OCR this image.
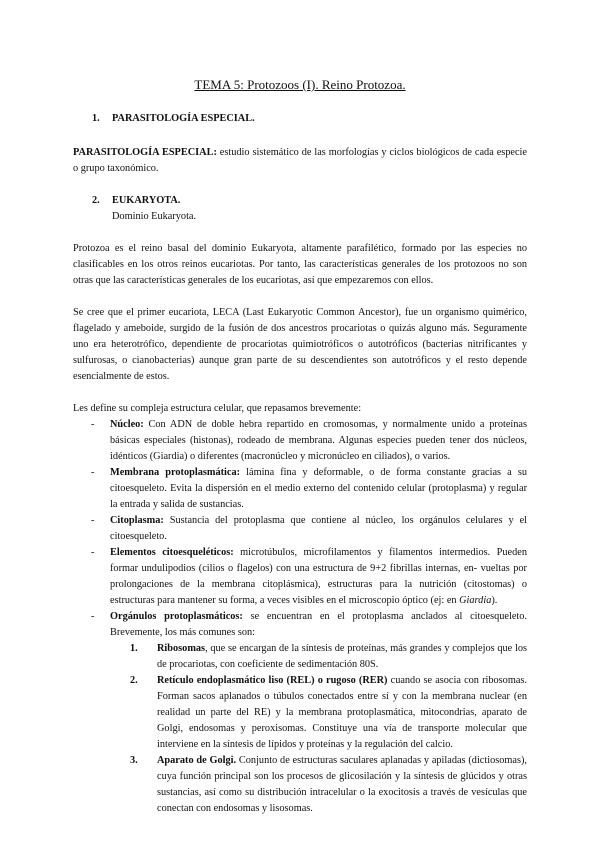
TEMA 5: Protozoos (I). Reino Protozoa.
1.	PARASITOLOGÍA ESPECIAL.

PARASITOLOGÍA ESPECIAL: estudio sistemático de las morfologías y ciclos biológicos de cada especie o grupo taxonómico.

2.	EUKARYOTA.
Dominio Eukaryota.

Protozoa es el reino basal del dominio Eukaryota, altamente parafilético, formado por las especies no clasificables en los otros reinos eucariotas. Por tanto, las características generales de los protozoos no son otras que las características generales de los eucariotas, así que empezaremos con ellos.

Se cree que el primer eucariota, LECA (Last Eukaryotic Common Ancestor), fue un organismo quimérico, flagelado y ameboide, surgido de la fusión de dos ancestros procariotas o quizás alguno más. Seguramente uno era heterotrófico, dependiente de procariotas quimiotróficos o autotróficos (bacterias nitrificantes y sulfurosas, o cianobacterias) aunque gran parte de su descendientes son autotróficos y el resto depende esencialmente de estos.

Les define su compleja estructura celular, que repasamos brevemente:

- Núcleo: Con ADN de doble hebra repartido en cromosomas, y normalmente unido a proteínas básicas especiales (histonas), rodeado de membrana. Algunas especies pueden tener dos núcleos, idénticos (Giardia) o diferentes (macronúcleo y micronúcleo en ciliados), o varios.
- Membrana protoplasmática: lámina fina y deformable, o de forma constante gracias a su citoesqueleto. Evita la dispersión en el medio externo del contenido celular (protoplasma) y regular la entrada y salida de sustancias.
- Citoplasma: Sustancia del protoplasma que contiene al núcleo, los orgánulos celulares y el citoesqueleto.
- Elementos citoesqueléticos: microtúbulos, microfilamentos y filamentos intermedios. Pueden formar undulipodios (cilios o flagelos) con una estructura de 9+2 fibrillas internas, en- vueltas por prolongaciones de la membrana citoplásmica), estructuras para la nutrición (citostomas) o estructuras para mantener su forma, a veces visibles en el microscopio óptico (ej: en Giardia).
- Orgánulos protoplasmáticos: se encuentran en el protoplasma anclados al citoesqueleto. Brevemente, los más comunes son:
1. Ribosomas, que se encargan de la síntesis de proteínas, más grandes y complejos que los de procariotas, con coeficiente de sedimentación 80S.
2. Retículo endoplasmático liso (REL) o rugoso (RER) cuando se asocia con ribosomas. Forman sacos aplanados o túbulos conectados entre sí y con la membrana nuclear (en realidad un parte del RE) y la membrana protoplasmática, mitocondrias, aparato de Golgi, endosomas y peroxisomas. Constituye una vía de transporte molecular que interviene en la síntesis de lípidos y proteínas y la regulación del calcio.
3. Aparato de Golgi. Conjunto de estructuras saculares aplanadas y apiladas (dictiosomas), cuya función principal son los procesos de glicosilación y la síntesis de glúcidos y otras sustancias, así como su distribución intracelular o la exocitosis a través de vesículas que conectan con endosomas y lisosomas.
